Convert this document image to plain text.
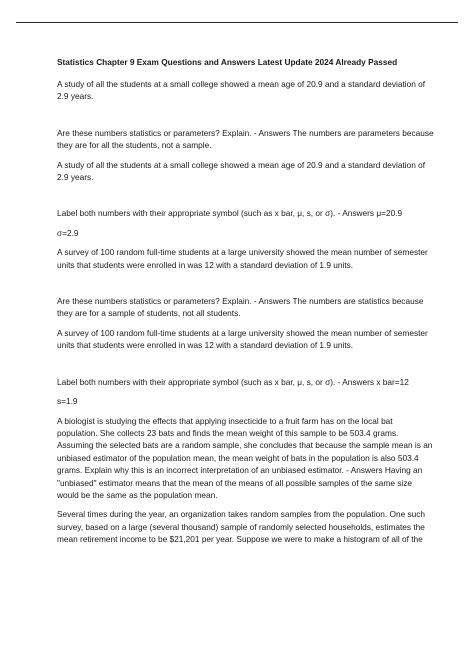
Statistics Chapter 9 Exam Questions and Answers Latest Update 2024 Already Passed
A study of all the students at a small college showed a mean age of 20.9 and a standard deviation of 2.9 years.
Are these numbers statistics or parameters? Explain. - Answers The numbers are parameters because they are for all the students, not a sample.
A study of all the students at a small college showed a mean age of 20.9 and a standard deviation of 2.9 years.
Label both numbers with their appropriate symbol (such as x bar, μ, s, or σ). - Answers μ=20.9
σ=2.9
A survey of 100 random full-time students at a large university showed the mean number of semester units that students were enrolled in was 12 with a standard deviation of 1.9 units.
Are these numbers statistics or parameters? Explain. - Answers The numbers are statistics because they are for a sample of students, not all students.
A survey of 100 random full-time students at a large university showed the mean number of semester units that students were enrolled in was 12 with a standard deviation of 1.9 units.
Label both numbers with their appropriate symbol (such as x bar, μ, s, or σ). - Answers x bar=12
s=1.9
A biologist is studying the effects that applying insecticide to a fruit farm has on the local bat population. She collects 23 bats and finds the mean weight of this sample to be 503.4 grams. Assuming the selected bats are a random sample, she concludes that because the sample mean is an unbiased estimator of the population mean, the mean weight of bats in the population is also 503.4 grams. Explain why this is an incorrect interpretation of an unbiased estimator. - Answers Having an "unbiased" estimator means that the mean of the means of all possible samples of the same size would be the same as the population mean.
Several times during the year, an organization takes random samples from the population. One such survey, based on a large (several thousand) sample of randomly selected households, estimates the mean retirement income to be $21,201 per year. Suppose we were to make a histogram of all of the
